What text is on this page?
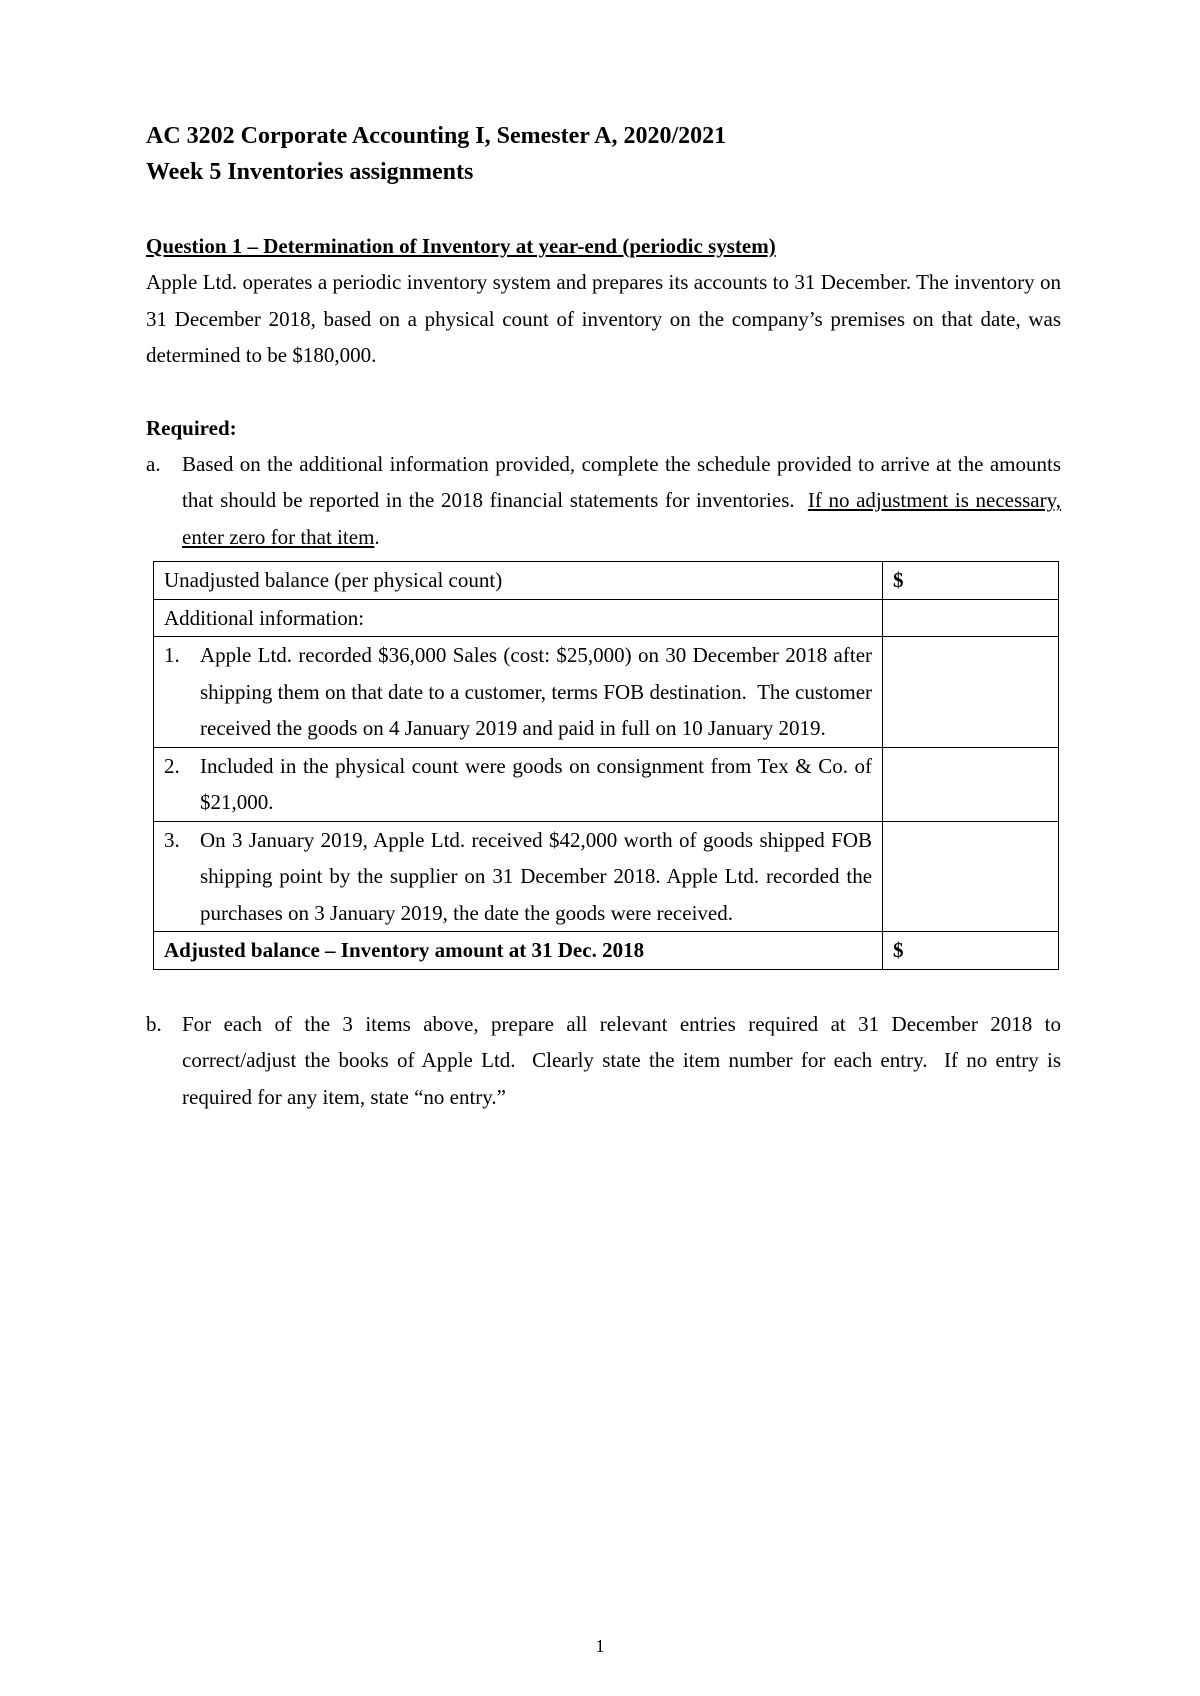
AC 3202 Corporate Accounting I, Semester A, 2020/2021

Week 5 Inventories assignments

Question 1 – Determination of Inventory at year-end (periodic system)

Apple Ltd. operates a periodic inventory system and prepares its accounts to 31 December. The inventory on 31 December 2018, based on a physical count of inventory on the company’s premises on that date, was determined to be $180,000.

Required:

a. Based on the additional information provided, complete the schedule provided to arrive at the amounts that should be reported in the 2018 financial statements for inventories. If no adjustment is necessary, enter zero for that item.
Unadjusted balance (per physical count)	$
Additional information:	

1. Apple Ltd. recorded $36,000 Sales (cost: $25,000) on 30 December 2018 after shipping them on that date to a customer, terms FOB destination.  The customer received the goods on 4 January 2019 and paid in full on 10 January 2019.	

2. Included in the physical count were goods on consignment from Tex & Co. of $21,000.	

3. On 3 January 2019, Apple Ltd. received $42,000 worth of goods shipped FOB shipping point by the supplier on 31 December 2018. Apple Ltd. recorded the purchases on 3 January 2019, the date the goods were received.	

Adjusted balance – Inventory amount at 31 Dec. 2018	$
b. For each of the 3 items above, prepare all relevant entries required at 31 December 2018 to correct/adjust the books of Apple Ltd.  Clearly state the item number for each entry.  If no entry is required for any item, state “no entry.”
1
